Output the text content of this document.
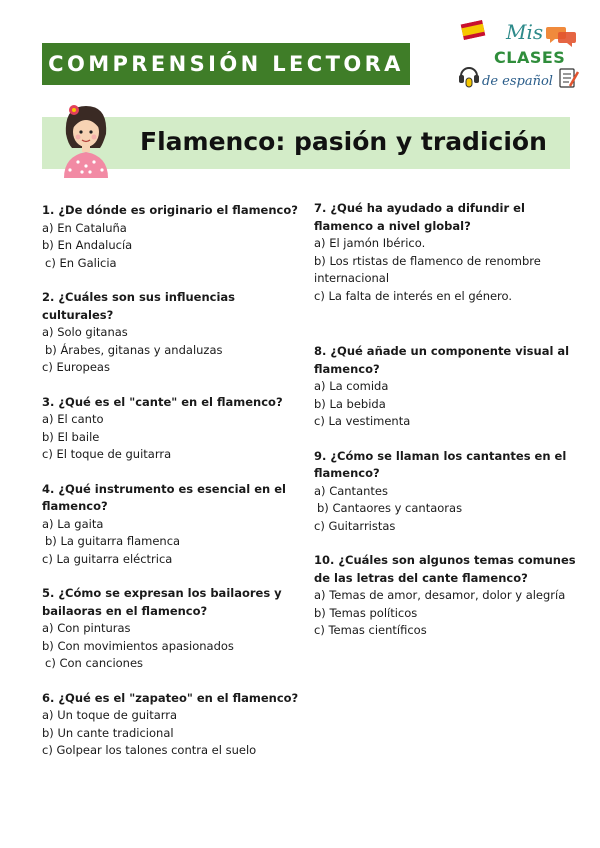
COMPRENSIÓN LECTORA
Mis
CLASES
de español
Flamenco: pasión y tradición
1. ¿De dónde es originario el flamenco?
a) En Cataluña
b) En Andalucía
c) En Galicia
2. ¿Cuáles son sus influencias culturales?
a) Solo gitanas
b) Árabes, gitanas y andaluzas
c) Europeas
3. ¿Qué es el "cante" en el flamenco?
a) El canto
b) El baile
c) El toque de guitarra
4. ¿Qué instrumento es esencial en el flamenco?
a) La gaita
b) La guitarra flamenca
c) La guitarra eléctrica
5. ¿Cómo se expresan los bailaores y bailaoras en el flamenco?
a) Con pinturas
b) Con movimientos apasionados
c) Con canciones
6. ¿Qué es el "zapateo" en el flamenco?
a) Un toque de guitarra
b) Un cante tradicional
c) Golpear los talones contra el suelo
7. ¿Qué ha ayudado a difundir el flamenco a nivel global?
a) El jamón Ibérico.
b) Los rtistas de flamenco de renombre internacional
c) La falta de interés en el género.
8. ¿Qué añade un componente visual al flamenco?
a) La comida
b) La bebida
c) La vestimenta
9. ¿Cómo se llaman los cantantes en el flamenco?
a) Cantantes
b) Cantaores y cantaoras
c) Guitarristas
10. ¿Cuáles son algunos temas comunes de las letras del cante flamenco?
a) Temas de amor, desamor, dolor y alegría
b) Temas políticos
c) Temas científicos
